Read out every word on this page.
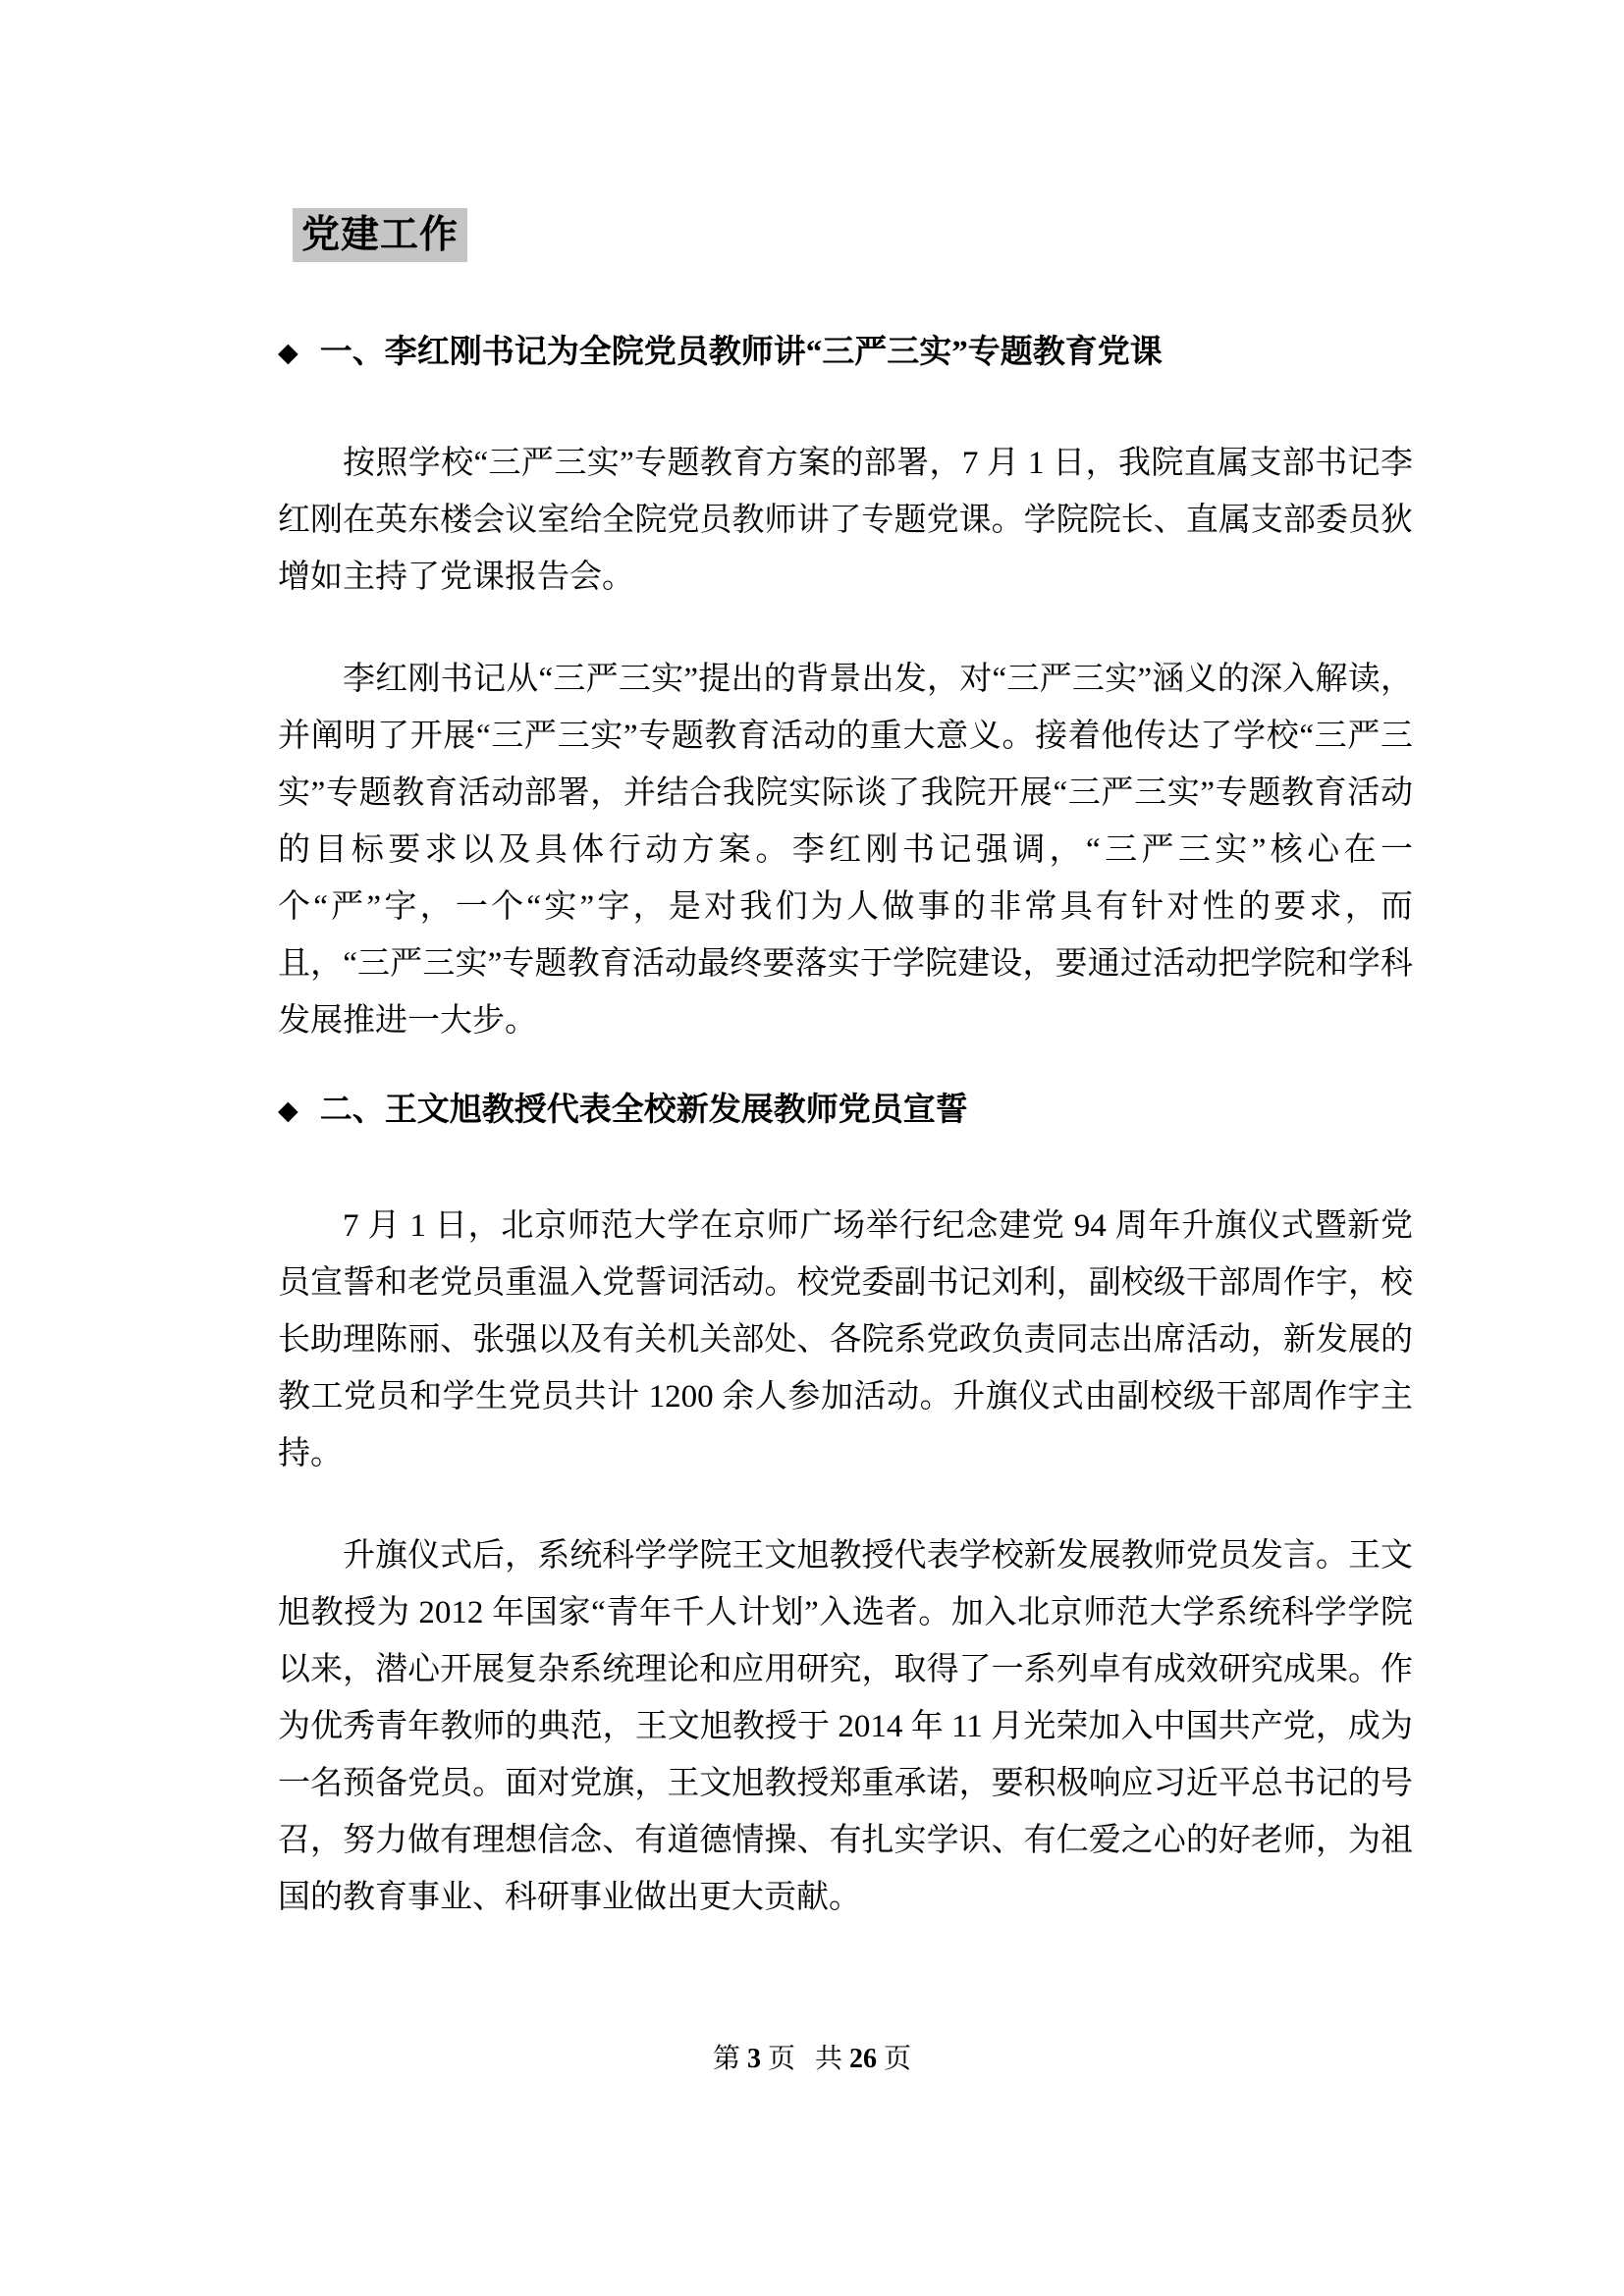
党建工作
◆ 一、李红刚书记为全院党员教师讲“三严三实”专题教育党课

按照学校“三严三实”专题教育方案的部署，7 月 1 日，我院直属支部书记李红刚在英东楼会议室给全院党员教师讲了专题党课。学院院长、直属支部委员狄增如主持了党课报告会。

李红刚书记从“三严三实”提出的背景出发，对“三严三实”涵义的深入解读，并阐明了开展“三严三实”专题教育活动的重大意义。接着他传达了学校“三严三实”专题教育活动部署，并结合我院实际谈了我院开展“三严三实”专题教育活动的目标要求以及具体行动方案。李红刚书记强调，“三严三实”核心在一个“严”字，一个“实”字，是对我们为人做事的非常具有针对性的要求，而且，“三严三实”专题教育活动最终要落实于学院建设，要通过活动把学院和学科发展推进一大步。

◆ 二、王文旭教授代表全校新发展教师党员宣誓

7 月 1 日，北京师范大学在京师广场举行纪念建党 94 周年升旗仪式暨新党员宣誓和老党员重温入党誓词活动。校党委副书记刘利，副校级干部周作宇，校长助理陈丽、张强以及有关机关部处、各院系党政负责同志出席活动，新发展的教工党员和学生党员共计 1200 余人参加活动。升旗仪式由副校级干部周作宇主持。

升旗仪式后，系统科学学院王文旭教授代表学校新发展教师党员发言。王文旭教授为 2012 年国家“青年千人计划”入选者。加入北京师范大学系统科学学院以来，潜心开展复杂系统理论和应用研究，取得了一系列卓有成效研究成果。作为优秀青年教师的典范，王文旭教授于 2014 年 11 月光荣加入中国共产党，成为一名预备党员。面对党旗，王文旭教授郑重承诺，要积极响应习近平总书记的号召，努力做有理想信念、有道德情操、有扎实学识、有仁爱之心的好老师，为祖国的教育事业、科研事业做出更大贡献。

第 3 页 共 26 页
